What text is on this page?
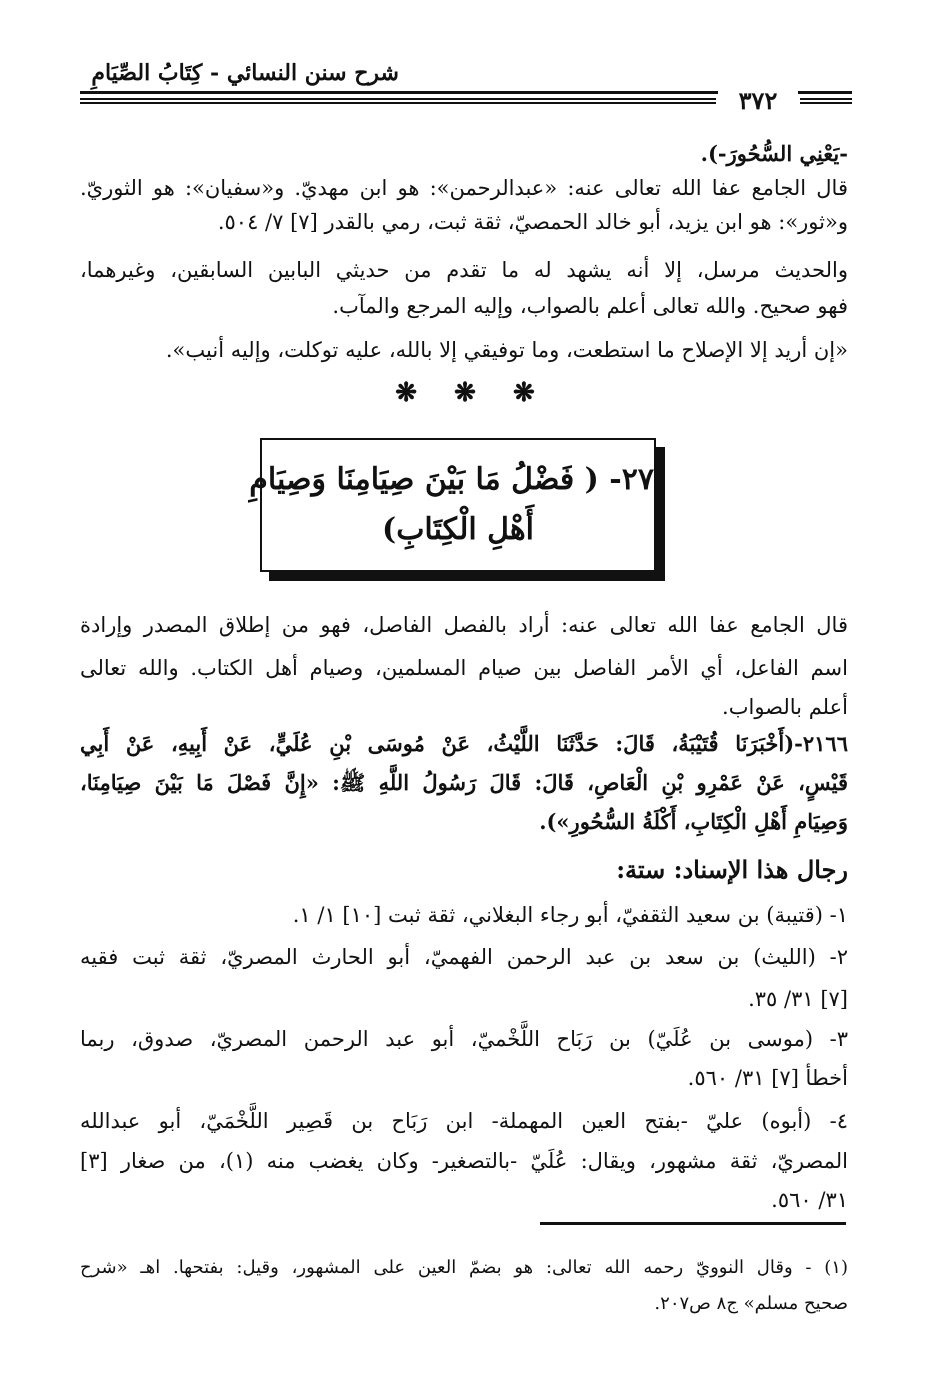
شرح سنن النسائي - كِتَابُ الصِّيَامِ
٣٧٢
-يَعْنِي السُّحُورَ-).
قال الجامع عفا الله تعالى عنه: «عبدالرحمن»: هو ابن مهديّ. و«سفيان»: هو الثوريّ.
و«ثور»: هو ابن يزيد، أبو خالد الحمصيّ، ثقة ثبت، رمي بالقدر [٧] ٧/ ٥٠٤.
والحديث مرسل، إلا أنه يشهد له ما تقدم من حديثي البابين السابقين، وغيرهما،
فهو صحيح. والله تعالى أعلم بالصواب، وإليه المرجع والمآب.
«إن أريد إلا الإصلاح ما استطعت، وما توفيقي إلا بالله، عليه توكلت، وإليه أنيب».
❋ ❋ ❋
٢٧- ( فَضْلُ مَا بَيْنَ صِيَامِنَا وَصِيَامِ
أَهْلِ الْكِتَابِ)
قال الجامع عفا الله تعالى عنه: أراد بالفصل الفاصل، فهو من إطلاق المصدر وإرادة
اسم الفاعل، أي الأمر الفاصل بين صيام المسلمين، وصيام أهل الكتاب. والله تعالى
أعلم بالصواب.
٢١٦٦-(أَخْبَرَنَا قُتَيْبَةُ، قَالَ: حَدَّثَنَا اللَّيْثُ، عَنْ مُوسَى بْنِ عُلَيٍّ، عَنْ أَبِيهِ، عَنْ أَبِي
قَيْسٍ، عَنْ عَمْرِو بْنِ الْعَاصِ، قَالَ: قَالَ رَسُولُ اللَّهِ ﷺ: «إِنَّ فَصْلَ مَا بَيْنَ صِيَامِنَا،
وَصِيَامِ أَهْلِ الْكِتَابِ، أَكْلَةُ السُّحُورِ»).
رجال هذا الإسناد: ستة:
١- (قتيبة) بن سعيد الثقفيّ، أبو رجاء البغلاني، ثقة ثبت [١٠] ١/ ١.
٢- (الليث) بن سعد بن عبد الرحمن الفهميّ، أبو الحارث المصريّ، ثقة ثبت فقيه
[٧] ٣١/ ٣٥.
٣- (موسى بن عُلَيّ) بن رَبَاح اللَّخْميّ، أبو عبد الرحمن المصريّ، صدوق، ربما
أخطأ [٧] ٣١/ ٥٦٠.
٤- (أبوه) عليّ -بفتح العين المهملة- ابن رَبَاح بن قَصِير اللَّخْمَيّ، أبو عبدالله
المصريّ، ثقة مشهور، ويقال: عُلَيّ -بالتصغير- وكان يغضب منه (١)، من صغار [٣]
٣١/ ٥٦٠.
(١) - وقال النوويّ رحمه الله تعالى: هو بضمّ العين على المشهور، وقيل: بفتحها. اهـ «شرح
صحيح مسلم» ج٨ ص٢٠٧.
